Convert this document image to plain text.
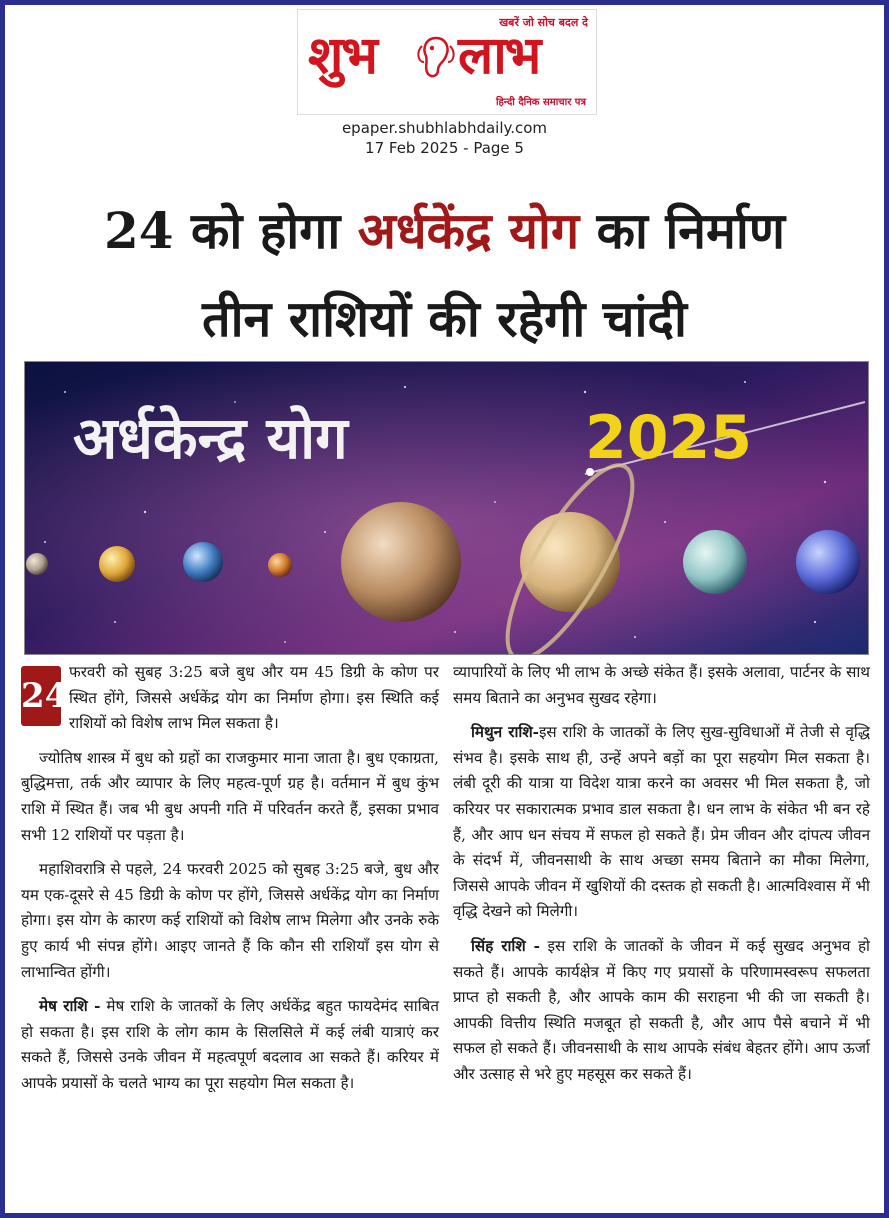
खबरें जो सोच बदल दे
शुभ लाभ
हिन्दी दैनिक समाचार पत्र
epaper.shubhlabhdaily.com
17 Feb 2025 - Page 5
24 को होगा अर्धकेंद्र योग का निर्माण
तीन राशियों की रहेगी चांदी
अर्धकेन्द्र योग	2025

24
फरवरी को सुबह 3:25 बजे बुध और यम 45 डिग्री के कोण पर स्थित होंगे, जिससे अर्धकेंद्र योग का निर्माण होगा। इस स्थिति कई राशियों को विशेष लाभ मिल सकता है।

ज्योतिष शास्त्र में बुध को ग्रहों का राजकुमार माना जाता है। बुध एकाग्रता, बुद्धिमत्ता, तर्क और व्यापार के लिए महत्व-पूर्ण ग्रह है। वर्तमान में बुध कुंभ राशि में स्थित हैं। जब भी बुध अपनी गति में परिवर्तन करते हैं, इसका प्रभाव सभी 12 राशियों पर पड़ता है।

महाशिवरात्रि से पहले, 24 फरवरी 2025 को सुबह 3:25 बजे, बुध और यम एक-दूसरे से 45 डिग्री के कोण पर होंगे, जिससे अर्धकेंद्र योग का निर्माण होगा। इस योग के कारण कई राशियों को विशेष लाभ मिलेगा और उनके रुके हुए कार्य भी संपन्न होंगे। आइए जानते हैं कि कौन सी राशियाँ इस योग से लाभान्वित होंगी।

मेष राशि - मेष राशि के जातकों के लिए अर्धकेंद्र बहुत फायदेमंद साबित हो सकता है। इस राशि के लोग काम के सिलसिले में कई लंबी यात्राएं कर सकते हैं, जिससे उनके जीवन में महत्वपूर्ण बदलाव आ सकते हैं। करियर में आपके प्रयासों के चलते भाग्य का पूरा सहयोग मिल सकता है।

व्यापारियों के लिए भी लाभ के अच्छे संकेत हैं। इसके अलावा, पार्टनर के साथ समय बिताने का अनुभव सुखद रहेगा।

मिथुन राशि-इस राशि के जातकों के लिए सुख-सुविधाओं में तेजी से वृद्धि संभव है। इसके साथ ही, उन्हें अपने बड़ों का पूरा सहयोग मिल सकता है। लंबी दूरी की यात्रा या विदेश यात्रा करने का अवसर भी मिल सकता है, जो करियर पर सकारात्मक प्रभाव डाल सकता है। धन लाभ के संकेत भी बन रहे हैं, और आप धन संचय में सफल हो सकते हैं। प्रेम जीवन और दांपत्य जीवन के संदर्भ में, जीवनसाथी के साथ अच्छा समय बिताने का मौका मिलेगा, जिससे आपके जीवन में खुशियों की दस्तक हो सकती है। आत्मविश्वास में भी वृद्धि देखने को मिलेगी।

सिंह राशि - इस राशि के जातकों के जीवन में कई सुखद अनुभव हो सकते हैं। आपके कार्यक्षेत्र में किए गए प्रयासों के परिणामस्वरूप सफलता प्राप्त हो सकती है, और आपके काम की सराहना भी की जा सकती है। आपकी वित्तीय स्थिति मजबूत हो सकती है, और आप पैसे बचाने में भी सफल हो सकते हैं। जीवनसाथी के साथ आपके संबंध बेहतर होंगे। आप ऊर्जा और उत्साह से भरे हुए महसूस कर सकते हैं।
